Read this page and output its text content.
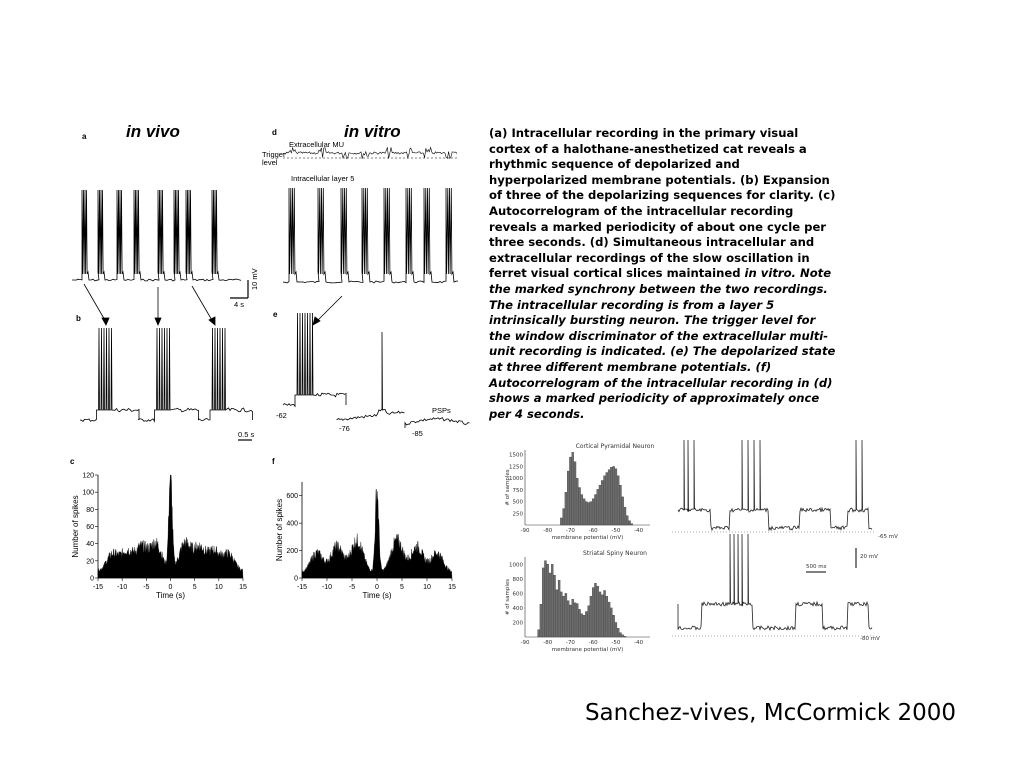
0
20
40
60
80
100
120
-15 -10 -5	0	5	10 15
Time (s)
Number of spikes
0
200
400
600
-15 -10 -5	0	5	10 15
Time (s)
Number of spikes	250
500
750
1000
1250
1500
-90 -80 -70 -60 -50 -40
membrane potential (mV)
# of samples
Cortical Pyramidal Neuron
200
400
600
800
1000
-90 -80 -70 -60 -50 -40
membrane potential (mV)
# of samples
Striatal Spiny Neuron
-65 mV
-80 mV
500 ms
20 mV
a in vivo	d	in vitro
Extracellular MU
Trigger level
Intracellular layer 5
4 s
10 mV
b	e
0.5 s
-62
-76
-85
PSPs
c	f
(a) Intracellular recording in the primary visual cortex of a halothane-anesthetized cat reveals a rhythmic sequence of depolarized and hyperpolarized membrane potentials. (b) Expansion of three of the depolarizing sequences for clarity. (c) Autocorrelogram of the intracellular recording reveals a marked periodicity of about one cycle per three seconds. (d) Simultaneous intracellular and extracellular recordings of the slow oscillation in ferret visual cortical slices maintained in vitro. Note the marked synchrony between the two recordings. The intracellular recording is from a layer 5 intrinsically bursting neuron. The trigger level for the window discriminator of the extracellular multi-unit recording is indicated. (e) The depolarized state at three different membrane potentials. (f) Autocorrelogram of the intracellular recording in (d) shows a marked periodicity of approximately once per 4 seconds.
Sanchez-vives, McCormick 2000
